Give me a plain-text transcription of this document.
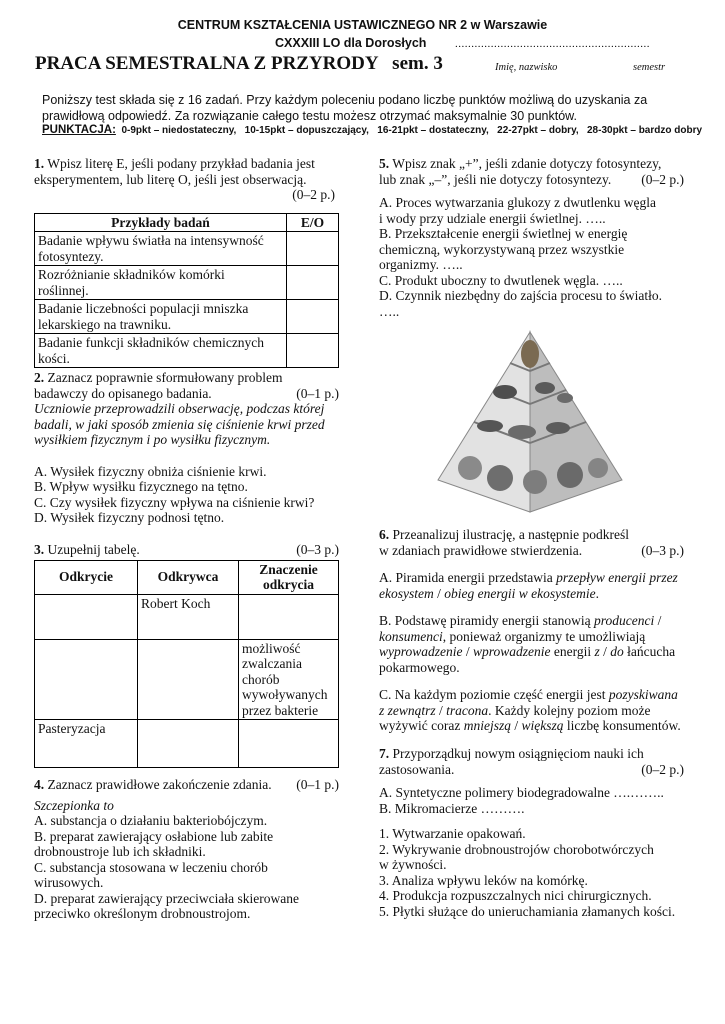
CENTRUM KSZTAŁCENIA USTAWICZNEGO NR 2 w Warszawie
CXXXIII LO dla Dorosłych	............................................................
PRACA SEMESTRALNA Z PRZYRODY   sem. 3	Imię, nazwisko	semestr
Poniższy test składa się z 16 zadań. Przy każdym poleceniu podano liczbę punktów możliwą do uzyskania za
prawidłową odpowiedź. Za rozwiązanie całego testu możesz otrzymać maksymalnie 30 punktów.
PUNKTACJA:  0-9pkt – niedostateczny,   10-15pkt – dopuszczający,   16-21pkt – dostateczny,   22-27pkt – dobry,   28-30pkt – bardzo dobry

1. Wpisz literę E, jeśli podany przykład badania jest

eksperymentem, lub literę O, jeśli jest obserwacją.

(0–2 p.)

Przykłady badań	E/O
Badanie wpływu światła na intensywność
fotosyntezy.	
Rozróżnianie składników komórki
roślinnej.	
Badanie liczebności populacji mniszka
lekarskiego na trawniku.	
Badanie funkcji składników chemicznych
kości.	

2. Zaznacz poprawnie sformułowany problem

badawczy do opisanego badania.	(0–1 p.)

Uczniowie przeprowadzili obserwację, podczas której

badali, w jaki sposób zmienia się ciśnienie krwi przed

wysiłkiem fizycznym i po wysiłku fizycznym.

A. Wysiłek fizyczny obniża ciśnienie krwi.

B. Wpływ wysiłku fizycznego na tętno.

C. Czy wysiłek fizyczny wpływa na ciśnienie krwi?

D. Wysiłek fizyczny podnosi tętno.

3. Uzupełnij tabelę.	(0–3 p.)
Odkrycie	Odkrywca	Znaczenie
odkrycia
	Robert Koch	
		możliwość
zwalczania
chorób
wywoływanych
przez bakterie
Pasteryzacja		
4. Zaznacz prawidłowe zakończenie zdania. (0–1 p.)

Szczepionka to

A. substancja o działaniu bakteriobójczym.

B. preparat zawierający osłabione lub zabite

drobnoustroje lub ich składniki.

C. substancja stosowana w leczeniu chorób

wirusowych.

D. preparat zawierający przeciwciała skierowane

przeciwko określonym drobnoustrojom.

5. Wpisz znak „+”, jeśli zdanie dotyczy fotosyntezy,

lub znak „–”, jeśli nie dotyczy fotosyntezy. (0–2 p.)

A. Proces wytwarzania glukozy z dwutlenku węgla

i wody przy udziale energii świetlnej. …..

B. Przekształcenie energii świetlnej w energię

chemiczną, wykorzystywaną przez wszystkie

organizmy. …..

C. Produkt uboczny to dwutlenek węgla. …..

D. Czynnik niezbędny do zajścia procesu to światło.

…..

6. Przeanalizuj ilustrację, a następnie podkreśl

w zdaniach prawidłowe stwierdzenia.	(0–3 p.)

A. Piramida energii przedstawia przepływ energii przez

ekosystem / obieg energii w ekosystemie.

B. Podstawę piramidy energii stanowią producenci /

konsumenci, ponieważ organizmy te umożliwiają

wyprowadzenie / wprowadzenie energii z / do łańcucha

pokarmowego.

C. Na każdym poziomie część energii jest pozyskiwana

z zewnątrz / tracona. Każdy kolejny poziom może

wyżywić coraz mniejszą / większą liczbę konsumentów.

7. Przyporządkuj nowym osiągnięciom nauki ich

zastosowania.	(0–2 p.)

A. Syntetyczne polimery biodegradowalne ….……..

B. Mikromacierze ……….

1. Wytwarzanie opakowań.

2. Wykrywanie drobnoustrojów chorobotwórczych

w żywności.

3. Analiza wpływu leków na komórkę.

4. Produkcja rozpuszczalnych nici chirurgicznych.

5. Płytki służące do unieruchamiania złamanych kości.
